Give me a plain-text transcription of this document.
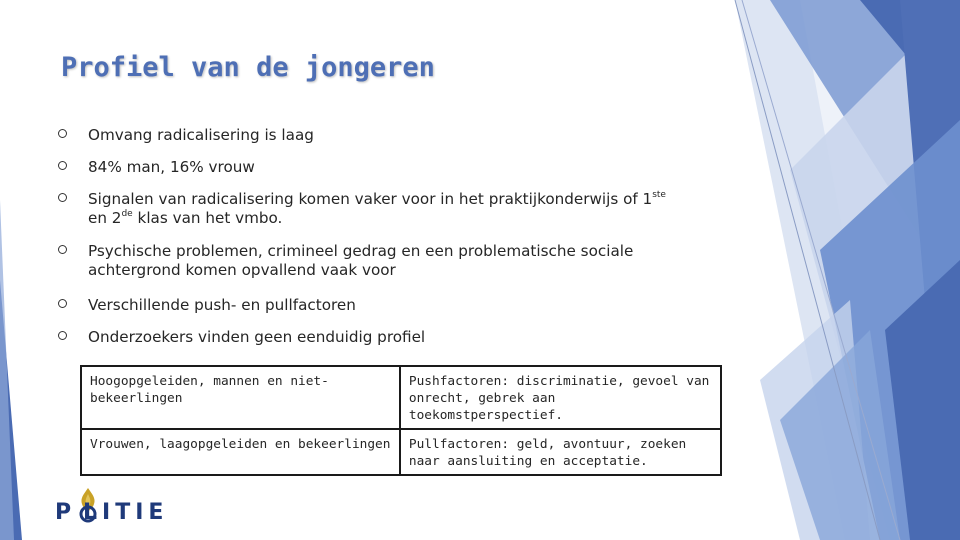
Profiel van de jongeren
Omvang radicalisering is laag
84% man, 16% vrouw
Signalen van radicalisering komen vaker voor in het praktijkonderwijs of 1ste
en 2de klas van het vmbo.
Psychische problemen, crimineel gedrag en een problematische sociale achtergrond komen opvallend vaak voor
Verschillende push- en pullfactoren
Onderzoekers vinden geen eenduidig profiel
Hoogopgeleiden, mannen en niet-bekeerlingen	Pushfactoren: discriminatie, gevoel van onrecht, gebrek aan toekomstperspectief.
Vrouwen, laagopgeleiden en bekeerlingen	Pullfactoren: geld, avontuur, zoeken naar aansluiting en acceptatie.
P LITIE
